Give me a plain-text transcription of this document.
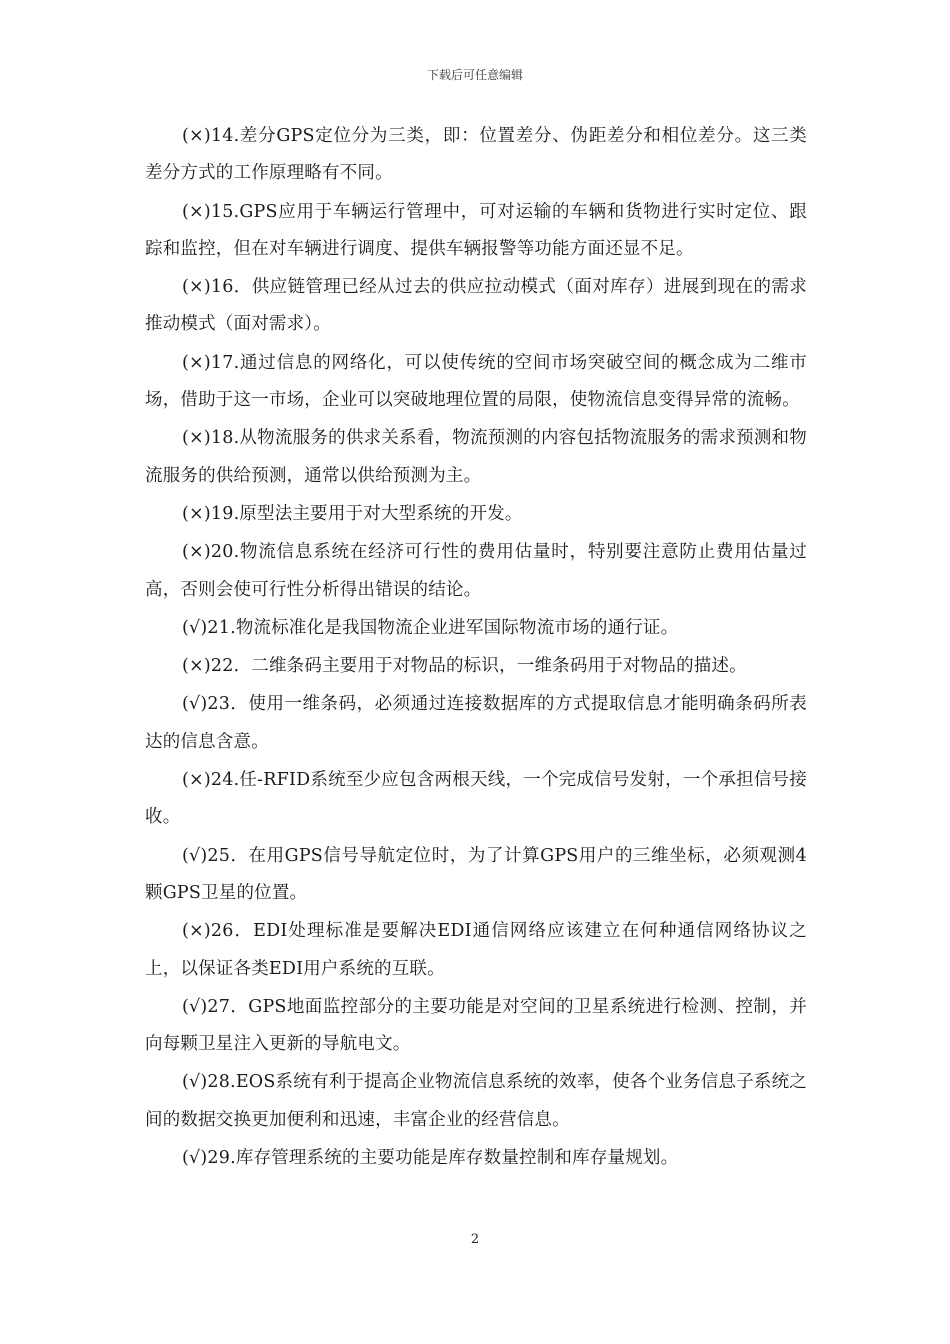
下载后可任意编辑

(×)14.差分GPS定位分为三类，即：位置差分、伪距差分和相位差分。这三类差分方式的工作原理略有不同。

(×)15.GPS应用于车辆运行管理中，可对运输的车辆和货物进行实时定位、跟踪和监控，但在对车辆进行调度、提供车辆报警等功能方面还显不足。

(×)16．供应链管理已经从过去的供应拉动模式（面对库存）进展到现在的需求推动模式（面对需求）。

(×)17.通过信息的网络化，可以使传统的空间市场突破空间的概念成为二维市场，借助于这一市场，企业可以突破地理位置的局限，使物流信息变得异常的流畅。

(×)18.从物流服务的供求关系看，物流预测的内容包括物流服务的需求预测和物流服务的供给预测，通常以供给预测为主。

(×)19.原型法主要用于对大型系统的开发。

(×)20.物流信息系统在经济可行性的费用估量时，特别要注意防止费用估量过高，否则会使可行性分析得出错误的结论。

(√)21.物流标准化是我国物流企业进军国际物流市场的通行证。

(×)22．二维条码主要用于对物品的标识，一维条码用于对物品的描述。

(√)23．使用一维条码，必须通过连接数据库的方式提取信息才能明确条码所表达的信息含意。

(×)24.任-RFID系统至少应包含两根天线，一个完成信号发射，一个承担信号接收。

(√)25．在用GPS信号导航定位时，为了计算GPS用户的三维坐标，必须观测4颗GPS卫星的位置。

(×)26．EDI处理标准是要解决EDI通信网络应该建立在何种通信网络协议之上，以保证各类EDI用户系统的互联。

(√)27．GPS地面监控部分的主要功能是对空间的卫星系统进行检测、控制，并向每颗卫星注入更新的导航电文。

(√)28.EOS系统有利于提高企业物流信息系统的效率，使各个业务信息子系统之间的数据交换更加便利和迅速，丰富企业的经营信息。

(√)29.库存管理系统的主要功能是库存数量控制和库存量规划。

2
